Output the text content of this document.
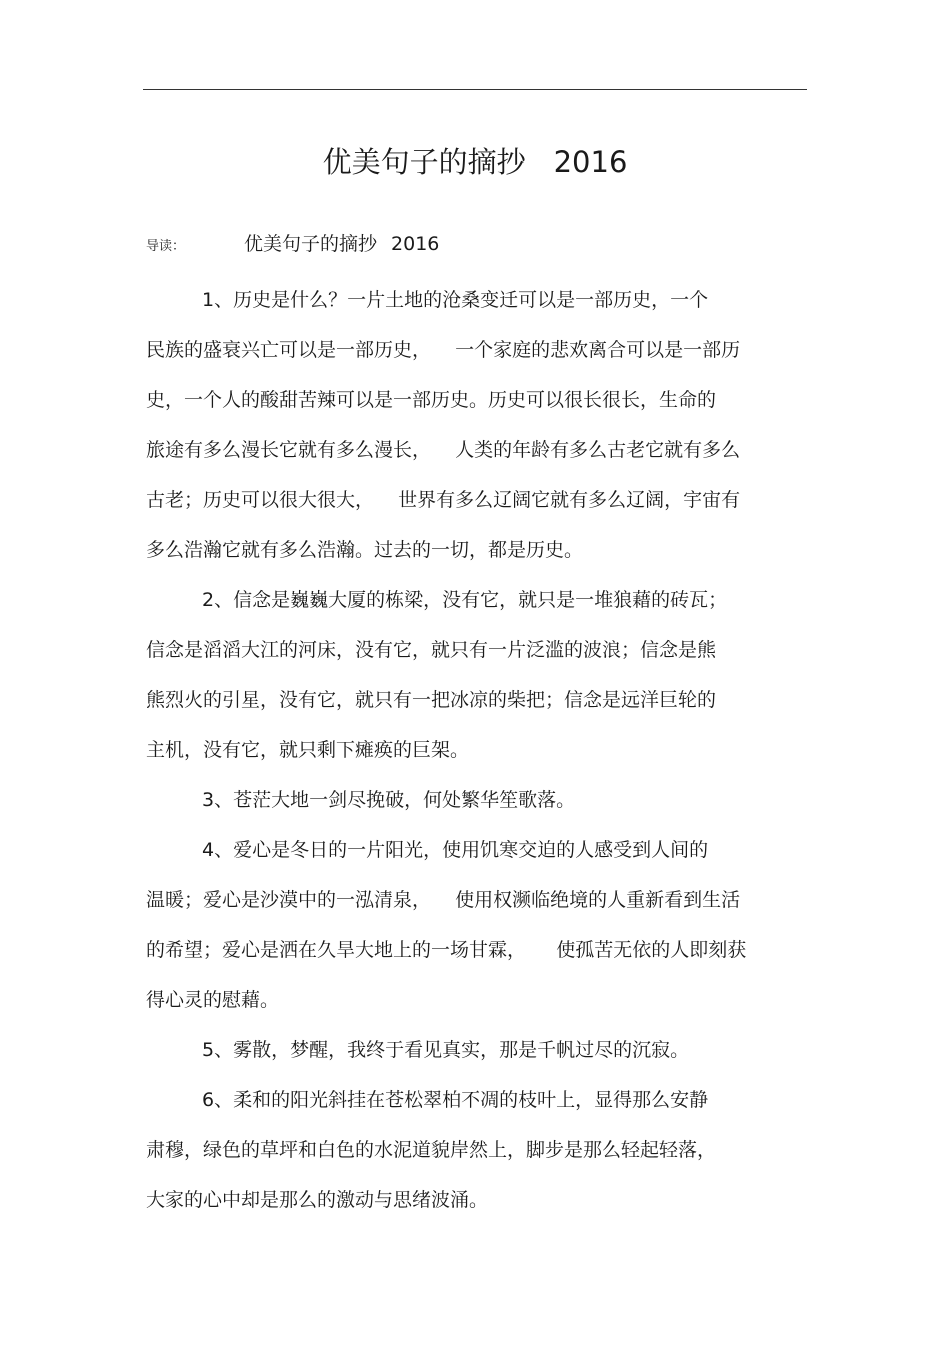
优美句子的摘抄 2016
导读：	优美句子的摘抄 2016

1、历史是什么？一片土地的沧桑变迁可以是一部历史，一个
民族的盛衰兴亡可以是一部历史，    一个家庭的悲欢离合可以是一部历
史，一个人的酸甜苦辣可以是一部历史。历史可以很长很长，生命的
旅途有多么漫长它就有多么漫长，    人类的年龄有多么古老它就有多么
古老；历史可以很大很大，    世界有多么辽阔它就有多么辽阔，宇宙有
多么浩瀚它就有多么浩瀚。过去的一切，都是历史。

2、信念是巍巍大厦的栋梁，没有它，就只是一堆狼藉的砖瓦；
信念是滔滔大江的河床，没有它，就只有一片泛滥的波浪；信念是熊
熊烈火的引星，没有它，就只有一把冰凉的柴把；信念是远洋巨轮的
主机，没有它，就只剩下瘫痪的巨架。

3、苍茫大地一剑尽挽破，何处繁华笙歌落。

4、爱心是冬日的一片阳光，使用饥寒交迫的人感受到人间的
温暖；爱心是沙漠中的一泓清泉，    使用权濒临绝境的人重新看到生活
的希望；爱心是洒在久旱大地上的一场甘霖，     使孤苦无依的人即刻获
得心灵的慰藉。

5、雾散，梦醒，我终于看见真实，那是千帆过尽的沉寂。

6、柔和的阳光斜挂在苍松翠柏不凋的枝叶上，显得那么安静
肃穆，绿色的草坪和白色的水泥道貌岸然上，脚步是那么轻起轻落，
大家的心中却是那么的激动与思绪波涌。
